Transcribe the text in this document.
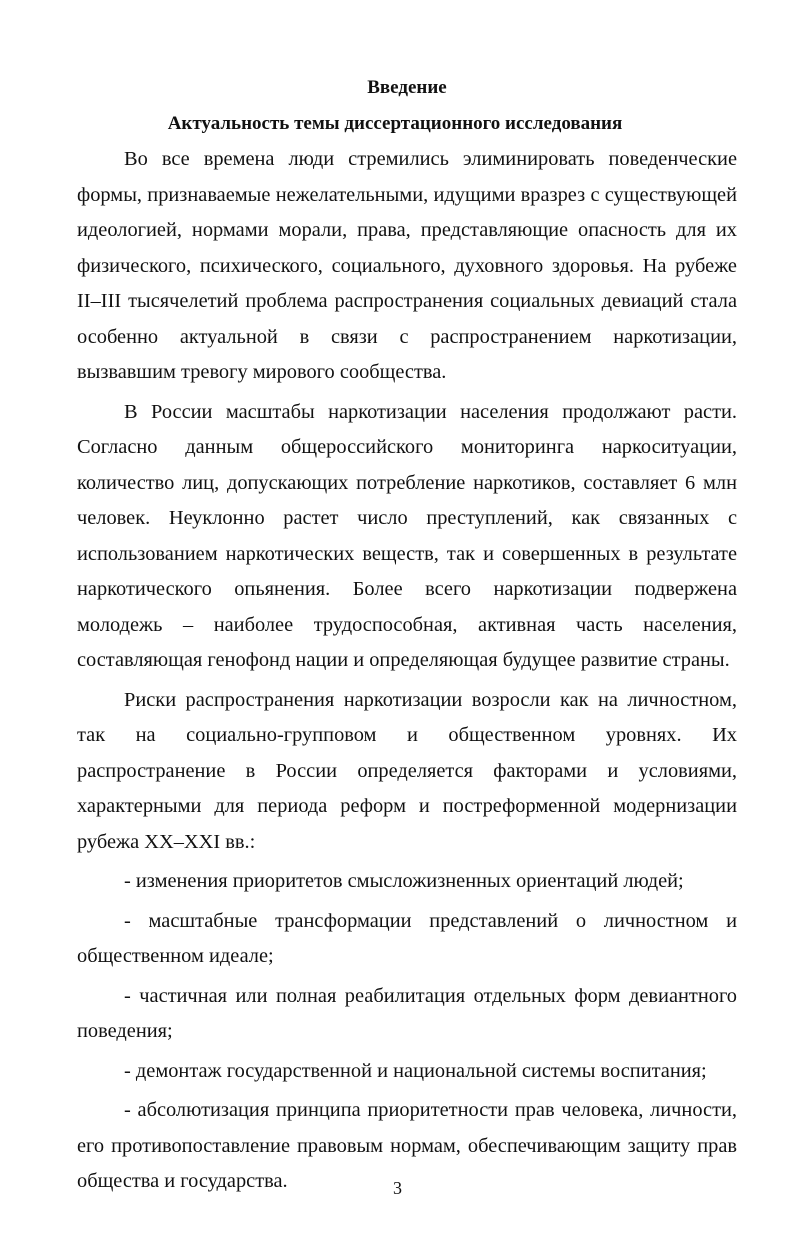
Введение

Актуальность темы диссертационного исследования

Во все времена люди стремились элиминировать поведенческие формы, признаваемые нежелательными, идущими вразрез с существующей идеологией, нормами морали, права, представляющие опасность для их физического, психического, социального, духовного здоровья. На рубеже II–III тысячелетий проблема распространения социальных девиаций стала особенно актуальной в связи с распространением наркотизации, вызвавшим тревогу мирового сообщества.

В России масштабы наркотизации населения продолжают расти. Согласно данным общероссийского мониторинга наркоситуации, количество лиц, допускающих потребление наркотиков, составляет 6 млн человек. Неуклонно растет число преступлений, как связанных с использованием наркотических веществ, так и совершенных в результате наркотического опьянения. Более всего наркотизации подвержена молодежь – наиболее трудоспособная, активная часть населения, составляющая генофонд нации и определяющая будущее развитие страны.

Риски распространения наркотизации возросли как на личностном, так на социально-групповом и общественном уровнях. Их распространение в России определяется факторами и условиями, характерными для периода реформ и постреформенной модернизации рубежа XX–XXI вв.:

- изменения приоритетов смысложизненных ориентаций людей;

- масштабные трансформации представлений о личностном и общественном идеале;

- частичная или полная реабилитация отдельных форм девиантного поведения;

- демонтаж государственной и национальной системы воспитания;

- абсолютизация принципа приоритетности прав человека, личности, его противопоставление правовым нормам, обеспечивающим защиту прав общества и государства.	3
